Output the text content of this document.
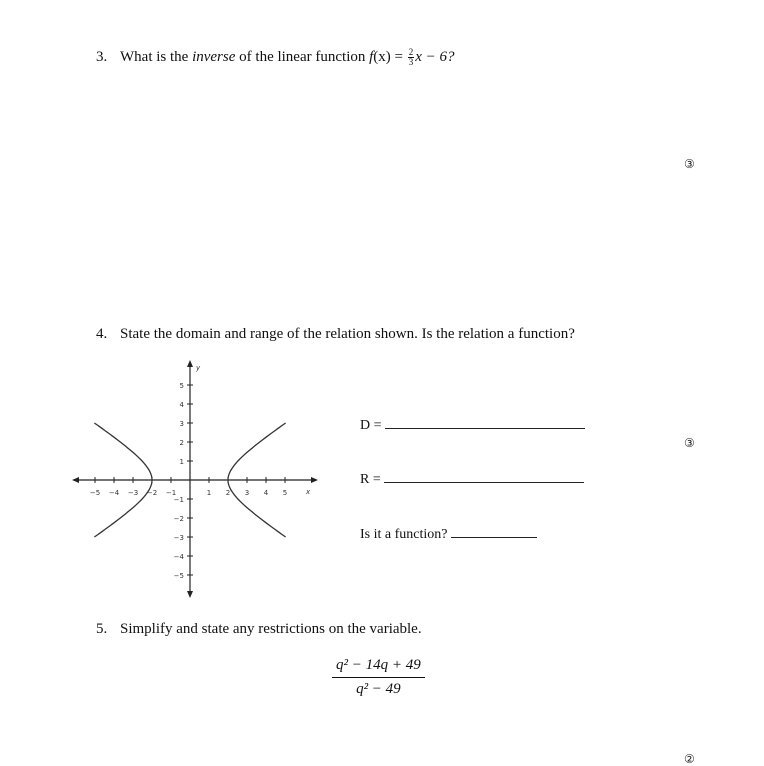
3. What is the inverse of the linear function $f(x) = \frac{2}{3}$ x − 6?
③
4. State the domain and range of the relation shown. Is the relation a function?
−5 −4 −3 −2 −1	1 2 3 4 5
5
4
3
2
1
−1
−2
−3
−4
−5
y
x
D =
R =
Is it a function?
③
5. Simplify and state any restrictions on the variable.
$\frac{\text{q² − 14q + 49}}{\text{q² − 49}}$
②
